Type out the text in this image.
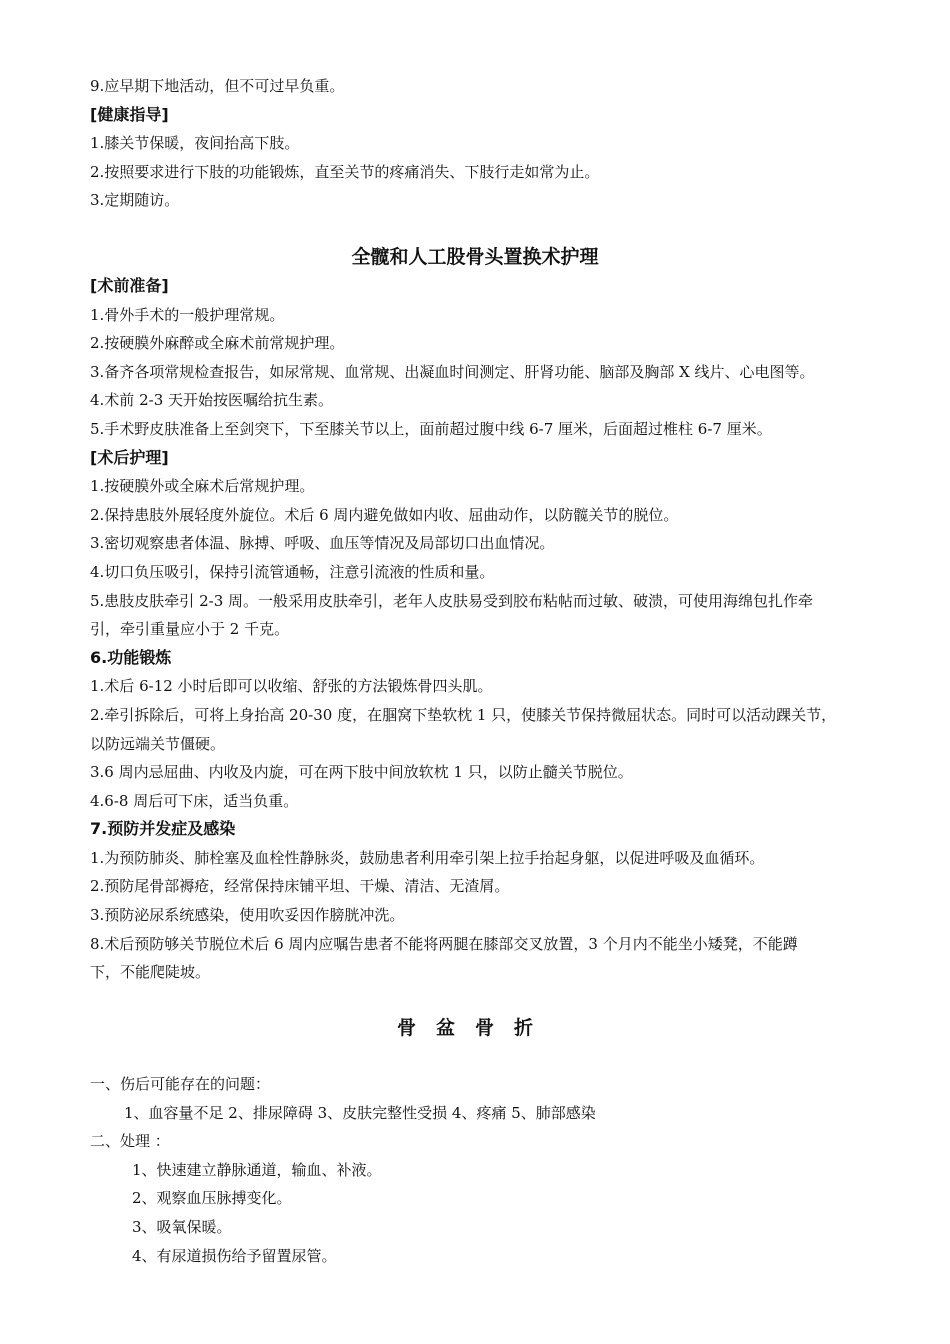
9.应早期下地活动，但不可过早负重。
[健康指导]
1.膝关节保暖，夜间抬高下肢。
2.按照要求进行下肢的功能锻炼，直至关节的疼痛消失、下肢行走如常为止。
3.定期随访。
全髋和人工股骨头置换术护理
[术前准备]
1.骨外手术的一般护理常规。
2.按硬膜外麻醉或全麻术前常规护理。
3.备齐各项常规检查报告，如尿常规、血常规、出凝血时间测定、肝肾功能、脑部及胸部 X 线片、心电图等。
4.术前 2-3 天开始按医嘱给抗生素。
5.手术野皮肤准备上至剑突下，下至膝关节以上，面前超过腹中线 6-7 厘米，后面超过椎柱 6-7 厘米。
[术后护理]
1.按硬膜外或全麻术后常规护理。
2.保持患肢外展轻度外旋位。术后 6 周内避免做如内收、屈曲动作，以防髋关节的脱位。
3.密切观察患者体温、脉搏、呼吸、血压等情况及局部切口出血情况。
4.切口负压吸引，保持引流管通畅，注意引流液的性质和量。
5.患肢皮肤牵引 2-3 周。一般采用皮肤牵引，老年人皮肤易受到胶布粘帖而过敏、破溃，可使用海绵包扎作牵
引，牵引重量应小于 2 千克。
6.功能锻炼
1.术后 6-12 小时后即可以收缩、舒张的方法锻炼骨四头肌。
2.牵引拆除后，可将上身抬高 20-30 度，在腘窝下垫软枕 1 只，使膝关节保持微屈状态。同时可以活动踝关节，
以防远端关节僵硬。
3.6 周内忌屈曲、内收及内旋，可在两下肢中间放软枕 1 只，以防止髓关节脱位。
4.6-8 周后可下床，适当负重。
7.预防并发症及感染
1.为预防肺炎、肺栓塞及血栓性静脉炎，鼓励患者利用牵引架上拉手抬起身躯，以促进呼吸及血循环。
2.预防尾骨部褥疮，经常保持床铺平坦、干燥、清洁、无渣屑。
3.预防泌尿系统感染，使用吹妥因作膀胱冲洗。
8.术后预防够关节脱位术后 6 周内应嘱告患者不能将两腿在膝部交叉放置，3 个月内不能坐小矮凳，不能蹲
下，不能爬陡坡。
骨盆骨折
一、伤后可能存在的问题：
1、血容量不足 2、排尿障碍 3、皮肤完整性受损 4、疼痛 5、肺部感染
二、处理 ：
1、快速建立静脉通道，输血、补液。
2、观察血压脉搏变化。
3、吸氧保暖。
4、有尿道损伤给予留置尿管。
